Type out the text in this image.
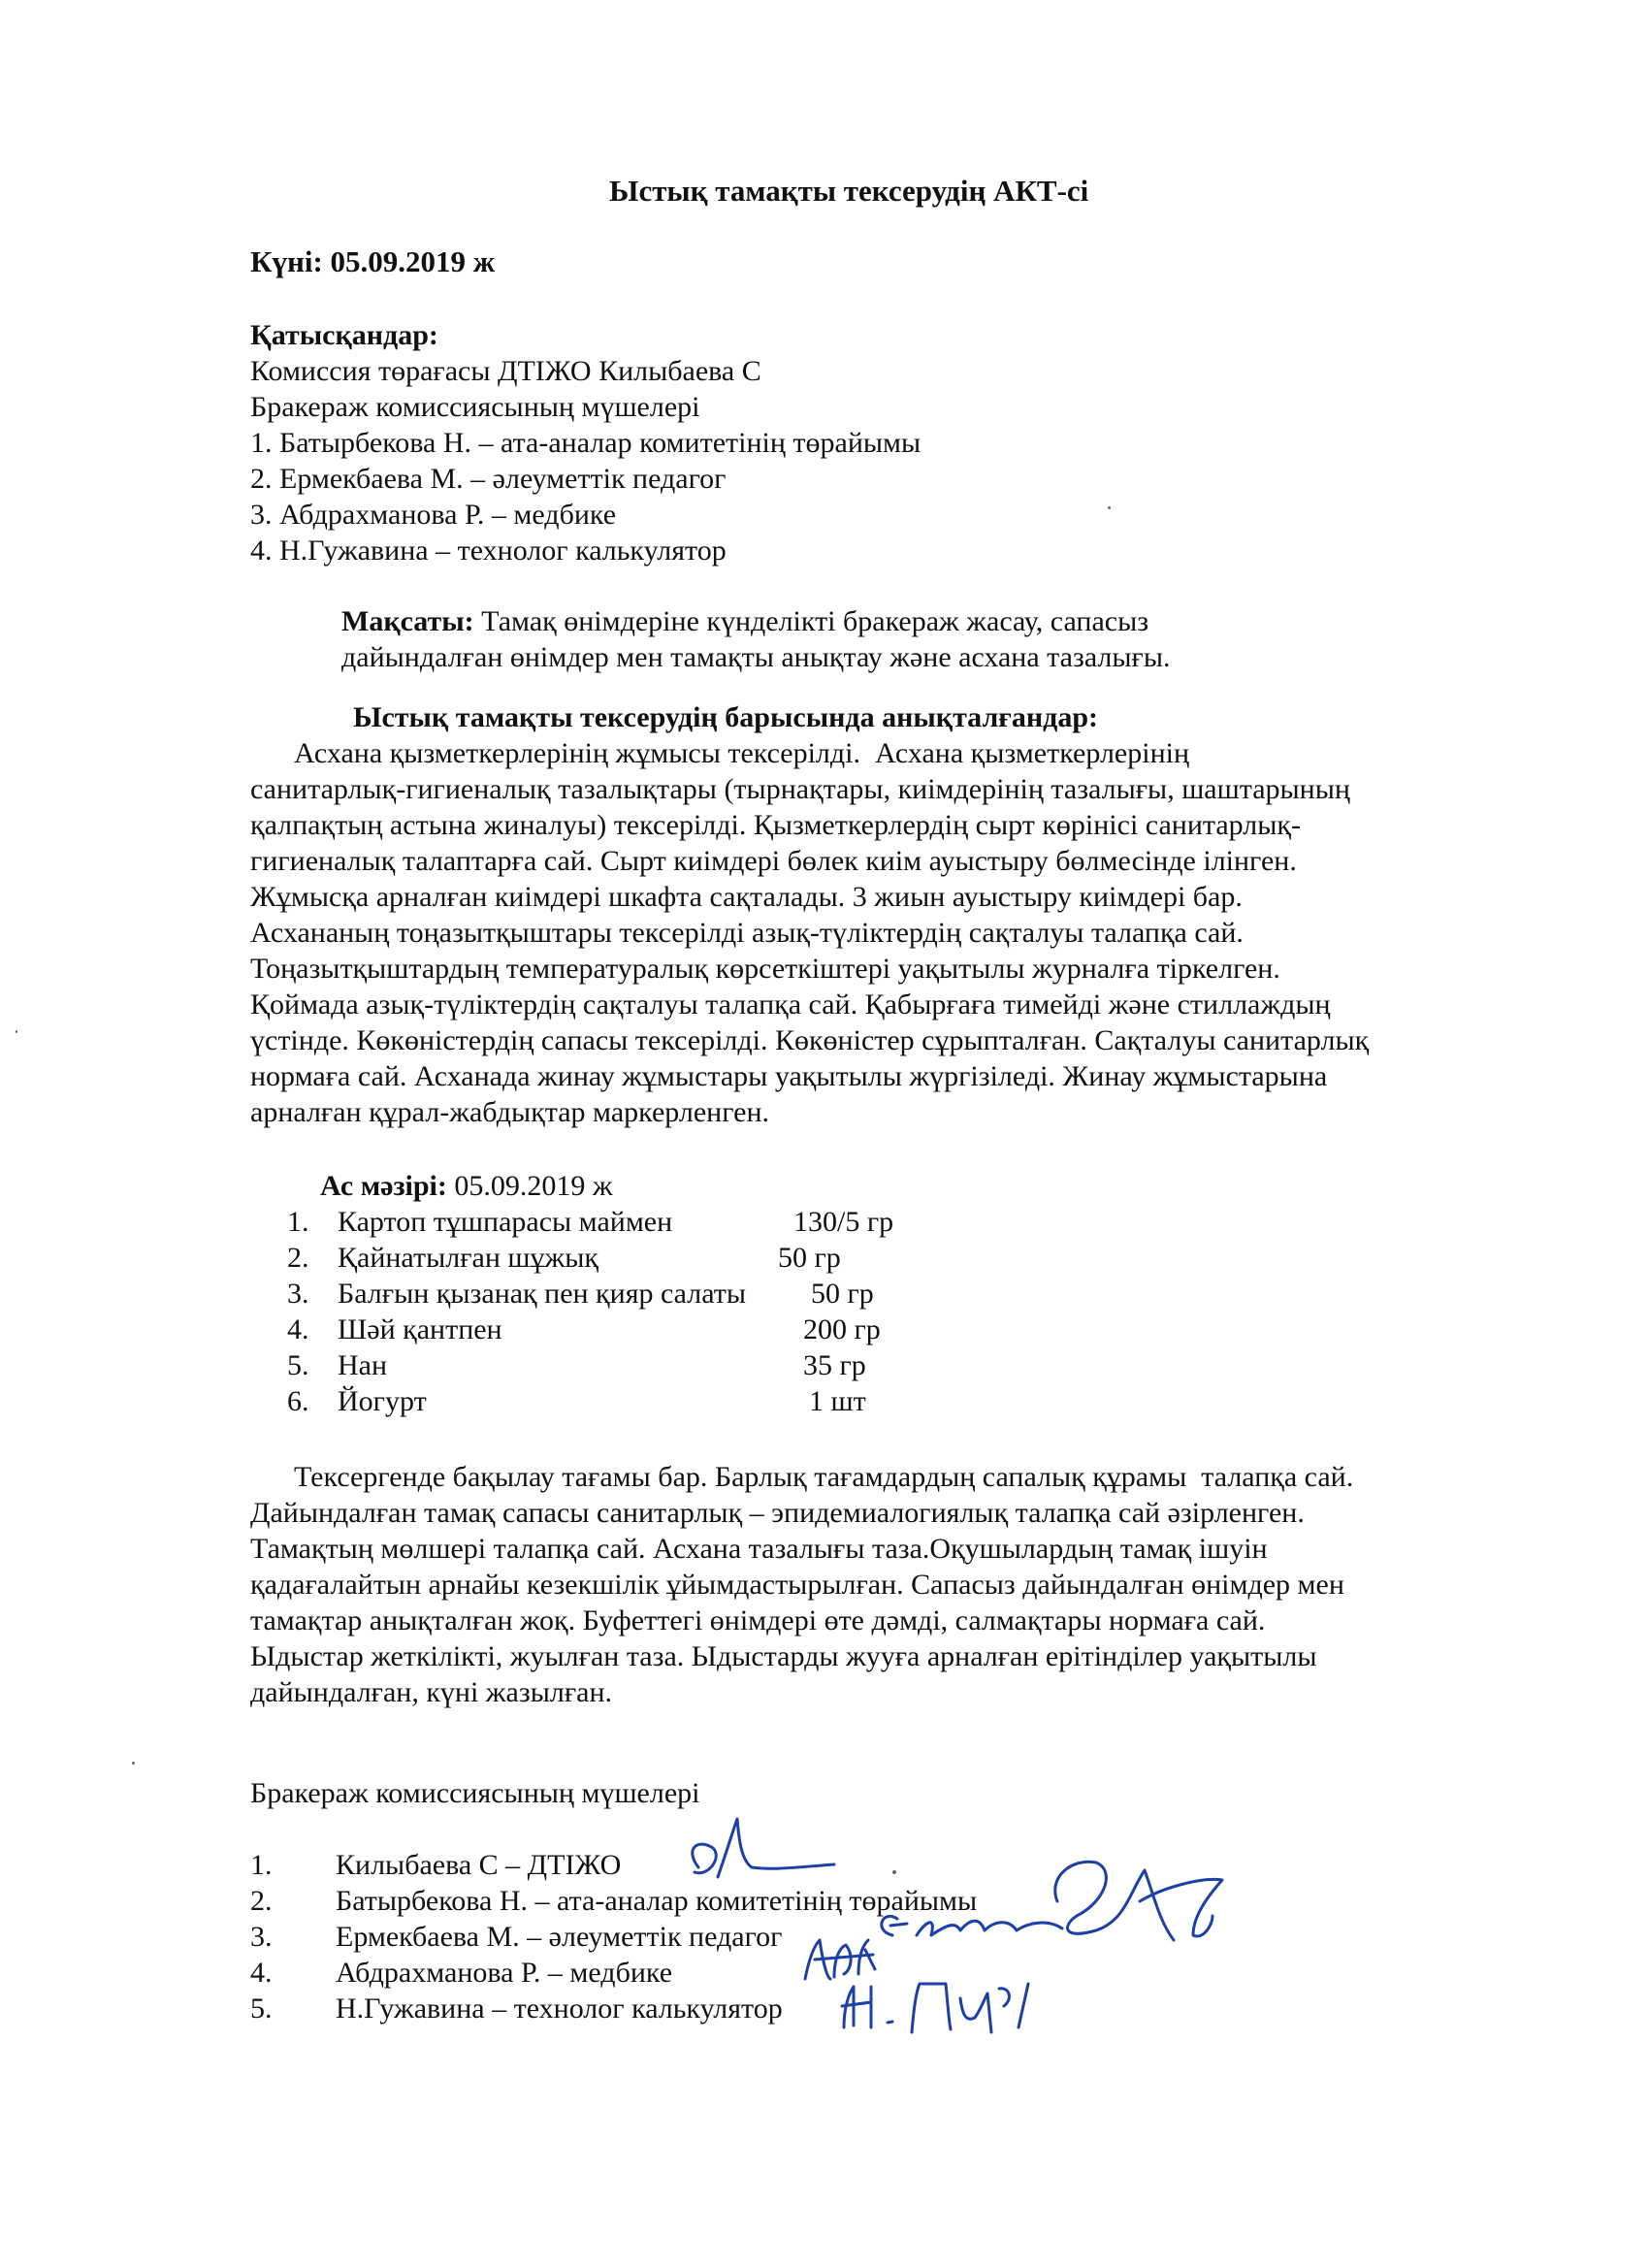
Ыстық тамақты тексерудің АКТ-сі
Күні: 05.09.2019 ж
Қатысқандар:
Комиссия төрағасы ДТІЖО Килыбаева С
Бракераж комиссиясының мүшелері
1. Батырбекова Н. – ата-аналар комитетінің төрайымы
2. Ермекбаева М. – әлеуметтік педагог
3. Абдрахманова Р. – медбике
4. Н.Гужавина – технолог калькулятор
Мақсаты: Тамақ өнімдеріне күнделікті бракераж жасау, сапасыз
дайындалған өнімдер мен тамақты анықтау және асхана тазалығы.
Ыстық тамақты тексерудің барысында анықталғандар:
Асхана қызметкерлерінің жұмысы тексерілді.  Асхана қызметкерлерінің
санитарлық-гигиеналық тазалықтары (тырнақтары, киімдерінің тазалығы, шаштарының
қалпақтың астына жиналуы) тексерілді. Қызметкерлердің сырт көрінісі санитарлық-
гигиеналық талаптарға сай. Сырт киімдері бөлек киім ауыстыру бөлмесінде ілінген.
Жұмысқа арналған киімдері шкафта сақталады. 3 жиын ауыстыру киімдері бар.
Асхананың тоңазытқыштары тексерілді азық-түліктердің сақталуы талапқа сай.
Тоңазытқыштардың температуралық көрсеткіштері уақытылы журналға тіркелген.
Қоймада азық-түліктердің сақталуы талапқа сай. Қабырғаға тимейді және стиллаждың
үстінде. Көкөністердің сапасы тексерілді. Көкөністер сұрыпталған. Сақталуы санитарлық
нормаға сай. Асханада жинау жұмыстары уақытылы жүргізіледі. Жинау жұмыстарына
арналған құрал-жабдықтар маркерленген.
Ас мәзірі: 05.09.2019 ж
1. Картоп тұшпарасы маймен	130/5 гр
2. Қайнатылған шұжық	50 гр
3. Балғын қызанақ пен қияр салаты 50 гр
4. Шәй қантпен	200 гр
5. Нан	35 гр
6. Йогурт	1 шт
Тексергенде бақылау тағамы бар. Барлық тағамдардың сапалық құрамы  талапқа сай.
Дайындалған тамақ сапасы санитарлық – эпидемиалогиялық талапқа сай әзірленген.
Тамақтың мөлшері талапқа сай. Асхана тазалығы таза.Оқушылардың тамақ ішуін
қадағалайтын арнайы кезекшілік ұйымдастырылған. Сапасыз дайындалған өнімдер мен
тамақтар анықталған жоқ. Буфеттегі өнімдері өте дәмді, салмақтары нормаға сай.
Ыдыстар жеткілікті, жуылған таза. Ыдыстарды жууға арналған ерітінділер уақытылы
дайындалған, күні жазылған.
Бракераж комиссиясының мүшелері
1. Килыбаева С – ДТІЖО
2. Батырбекова Н. – ата-аналар комитетінің төрайымы
3. Ермекбаева М. – әлеуметтік педагог
4. Абдрахманова Р. – медбике
5. Н.Гужавина – технолог калькулятор
